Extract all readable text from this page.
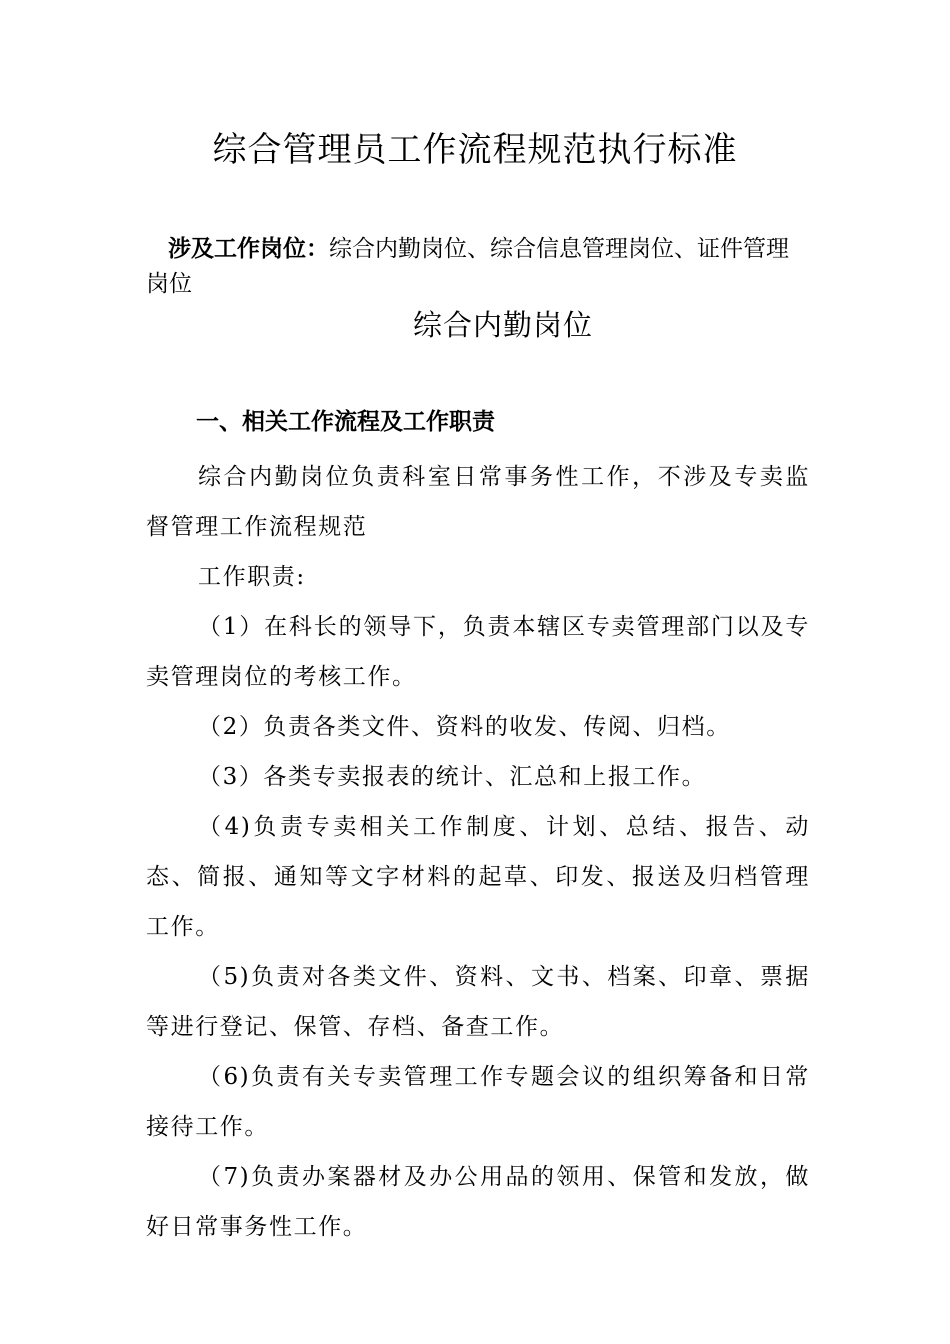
综合管理员工作流程规范执行标准
涉及工作岗位：综合内勤岗位、综合信息管理岗位、证件管理岗位
综合内勤岗位
一、相关工作流程及工作职责

综合内勤岗位负责科室日常事务性工作，不涉及专卖监督管理工作流程规范

工作职责:

（1）在科长的领导下，负责本辖区专卖管理部门以及专卖管理岗位的考核工作。

（2）负责各类文件、资料的收发、传阅、归档。

（3）各类专卖报表的统计、汇总和上报工作。

（4)负责专卖相关工作制度、计划、总结、报告、动态、简报、通知等文字材料的起草、印发、报送及归档管理工作。

（5)负责对各类文件、资料、文书、档案、印章、票据等进行登记、保管、存档、备查工作。

（6)负责有关专卖管理工作专题会议的组织筹备和日常接待工作。

（7)负责办案器材及办公用品的领用、保管和发放，做好日常事务性工作。
